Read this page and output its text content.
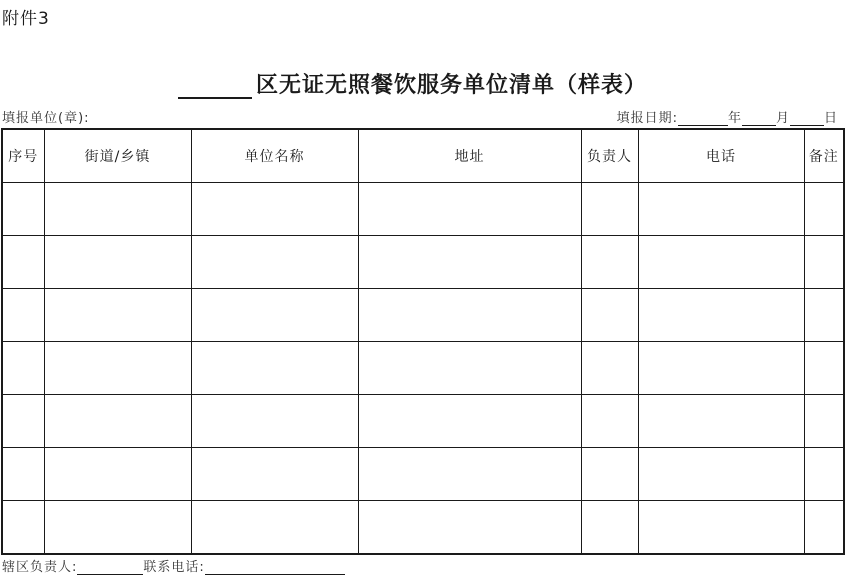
附件3
区无证无照餐饮服务单位清单（样表）
填报单位(章):	填报日期:	年	月	日
序号	街道/乡镇	单位名称	地址	负责人	电话	备注

辖区负责人:	联系电话:
